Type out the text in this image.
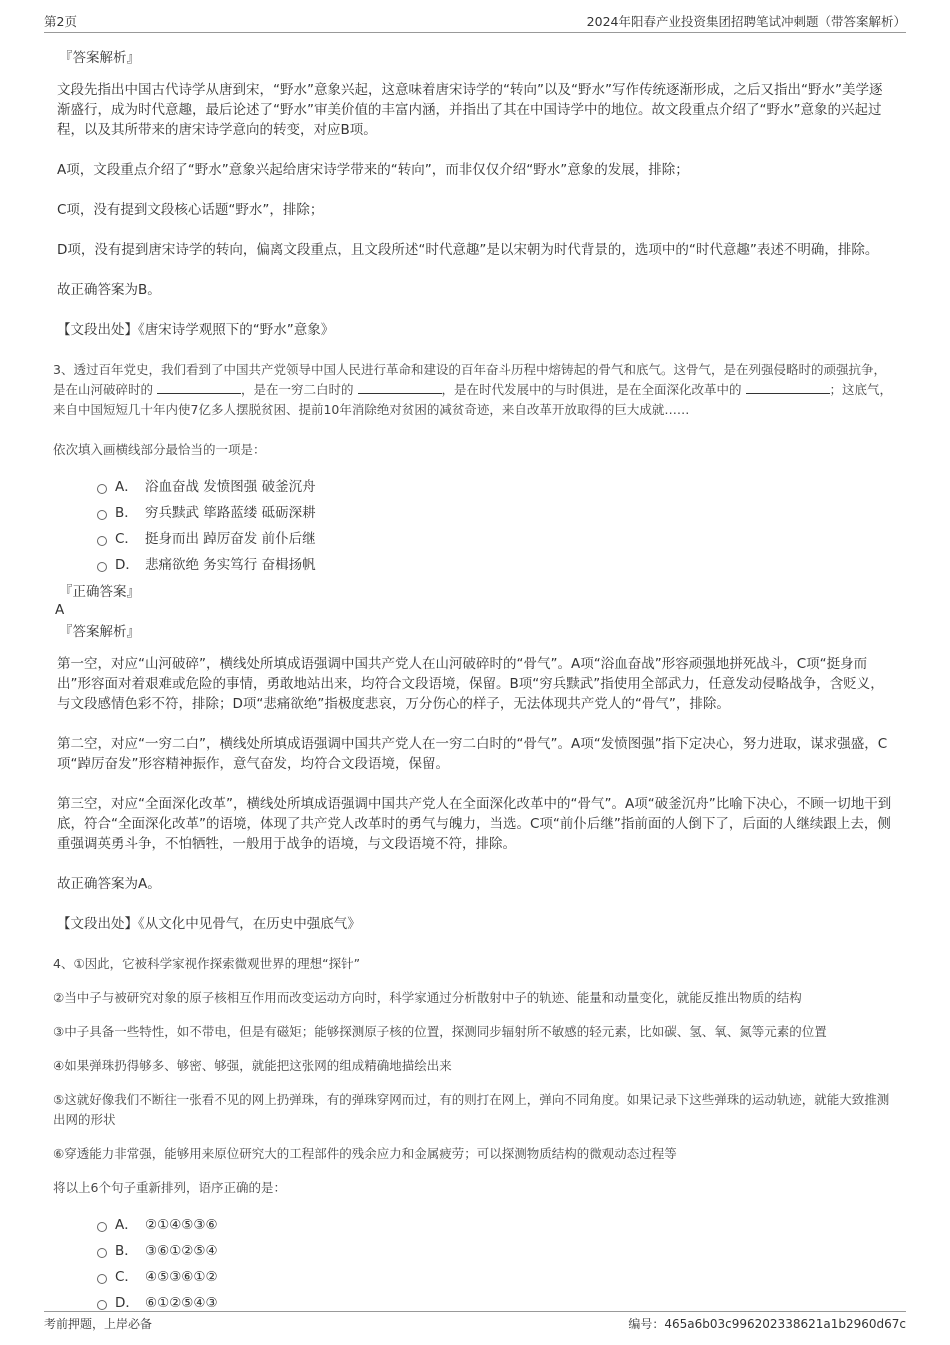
第2页	2024年阳春产业投资集团招聘笔试冲刺题（带答案解析）
『答案解析』

文段先指出中国古代诗学从唐到宋，“野水”意象兴起，这意味着唐宋诗学的“转向”以及“野水”写作传统逐渐形成，之后又指出“野水”美学逐渐盛行，成为时代意趣，最后论述了“野水”审美价值的丰富内涵，并指出了其在中国诗学中的地位。故文段重点介绍了“野水”意象的兴起过程，以及其所带来的唐宋诗学意向的转变，对应B项。

A项，文段重点介绍了“野水”意象兴起给唐宋诗学带来的“转向”，而非仅仅介绍“野水”意象的发展，排除；

C项，没有提到文段核心话题“野水”，排除；

D项，没有提到唐宋诗学的转向，偏离文段重点，且文段所述“时代意趣”是以宋朝为时代背景的，选项中的“时代意趣”表述不明确，排除。

故正确答案为B。

【文段出处】《唐宋诗学观照下的“野水”意象》

3、透过百年党史，我们看到了中国共产党领导中国人民进行革命和建设的百年奋斗历程中熔铸起的骨气和底气。这骨气，是在列强侵略时的顽强抗争，是在山河破碎时的	，是在一穷二白时的	，是在时代发展中的与时俱进，是在全面深化改革中的	；这底气，来自中国短短几十年内使7亿多人摆脱贫困、提前10年消除绝对贫困的减贫奇迹，来自改革开放取得的巨大成就……

依次填入画横线部分最恰当的一项是：

A． 浴血奋战 发愤图强 破釜沉舟
B． 穷兵黩武 筚路蓝缕 砥砺深耕
C． 挺身而出 踔厉奋发 前仆后继
D． 悲痛欲绝 务实笃行 奋楫扬帆
『正确答案』
A
『答案解析』

第一空，对应“山河破碎”，横线处所填成语强调中国共产党人在山河破碎时的“骨气”。A项“浴血奋战”形容顽强地拼死战斗，C项“挺身而出”形容面对着艰难或危险的事情，勇敢地站出来，均符合文段语境，保留。B项“穷兵黩武”指使用全部武力，任意发动侵略战争，含贬义，与文段感情色彩不符，排除；D项“悲痛欲绝”指极度悲哀，万分伤心的样子，无法体现共产党人的“骨气”，排除。

第二空，对应“一穷二白”，横线处所填成语强调中国共产党人在一穷二白时的“骨气”。A项“发愤图强”指下定决心，努力进取，谋求强盛，C项“踔厉奋发”形容精神振作，意气奋发，均符合文段语境，保留。

第三空，对应“全面深化改革”，横线处所填成语强调中国共产党人在全面深化改革中的“骨气”。A项“破釜沉舟”比喻下决心，不顾一切地干到底，符合“全面深化改革”的语境，体现了共产党人改革时的勇气与魄力，当选。C项“前仆后继”指前面的人倒下了，后面的人继续跟上去，侧重强调英勇斗争，不怕牺牲，一般用于战争的语境，与文段语境不符，排除。

故正确答案为A。

【文段出处】《从文化中见骨气，在历史中强底气》

4、①因此，它被科学家视作探索微观世界的理想“探针”

②当中子与被研究对象的原子核相互作用而改变运动方向时，科学家通过分析散射中子的轨迹、能量和动量变化，就能反推出物质的结构

③中子具备一些特性，如不带电，但是有磁矩；能够探测原子核的位置，探测同步辐射所不敏感的轻元素，比如碳、氢、氧、氮等元素的位置

④如果弹珠扔得够多、够密、够强，就能把这张网的组成精确地描绘出来

⑤这就好像我们不断往一张看不见的网上扔弹珠，有的弹珠穿网而过，有的则打在网上，弹向不同角度。如果记录下这些弹珠的运动轨迹，就能大致推测出网的形状

⑥穿透能力非常强，能够用来原位研究大的工程部件的残余应力和金属疲劳；可以探测物质结构的微观动态过程等

将以上6个句子重新排列，语序正确的是：

A． ②①④⑤③⑥
B． ③⑥①②⑤④
C． ④⑤③⑥①②
D． ⑥①②⑤④③
考前押题，上岸必备	编号：465a6b03c996202338621a1b2960d67c
